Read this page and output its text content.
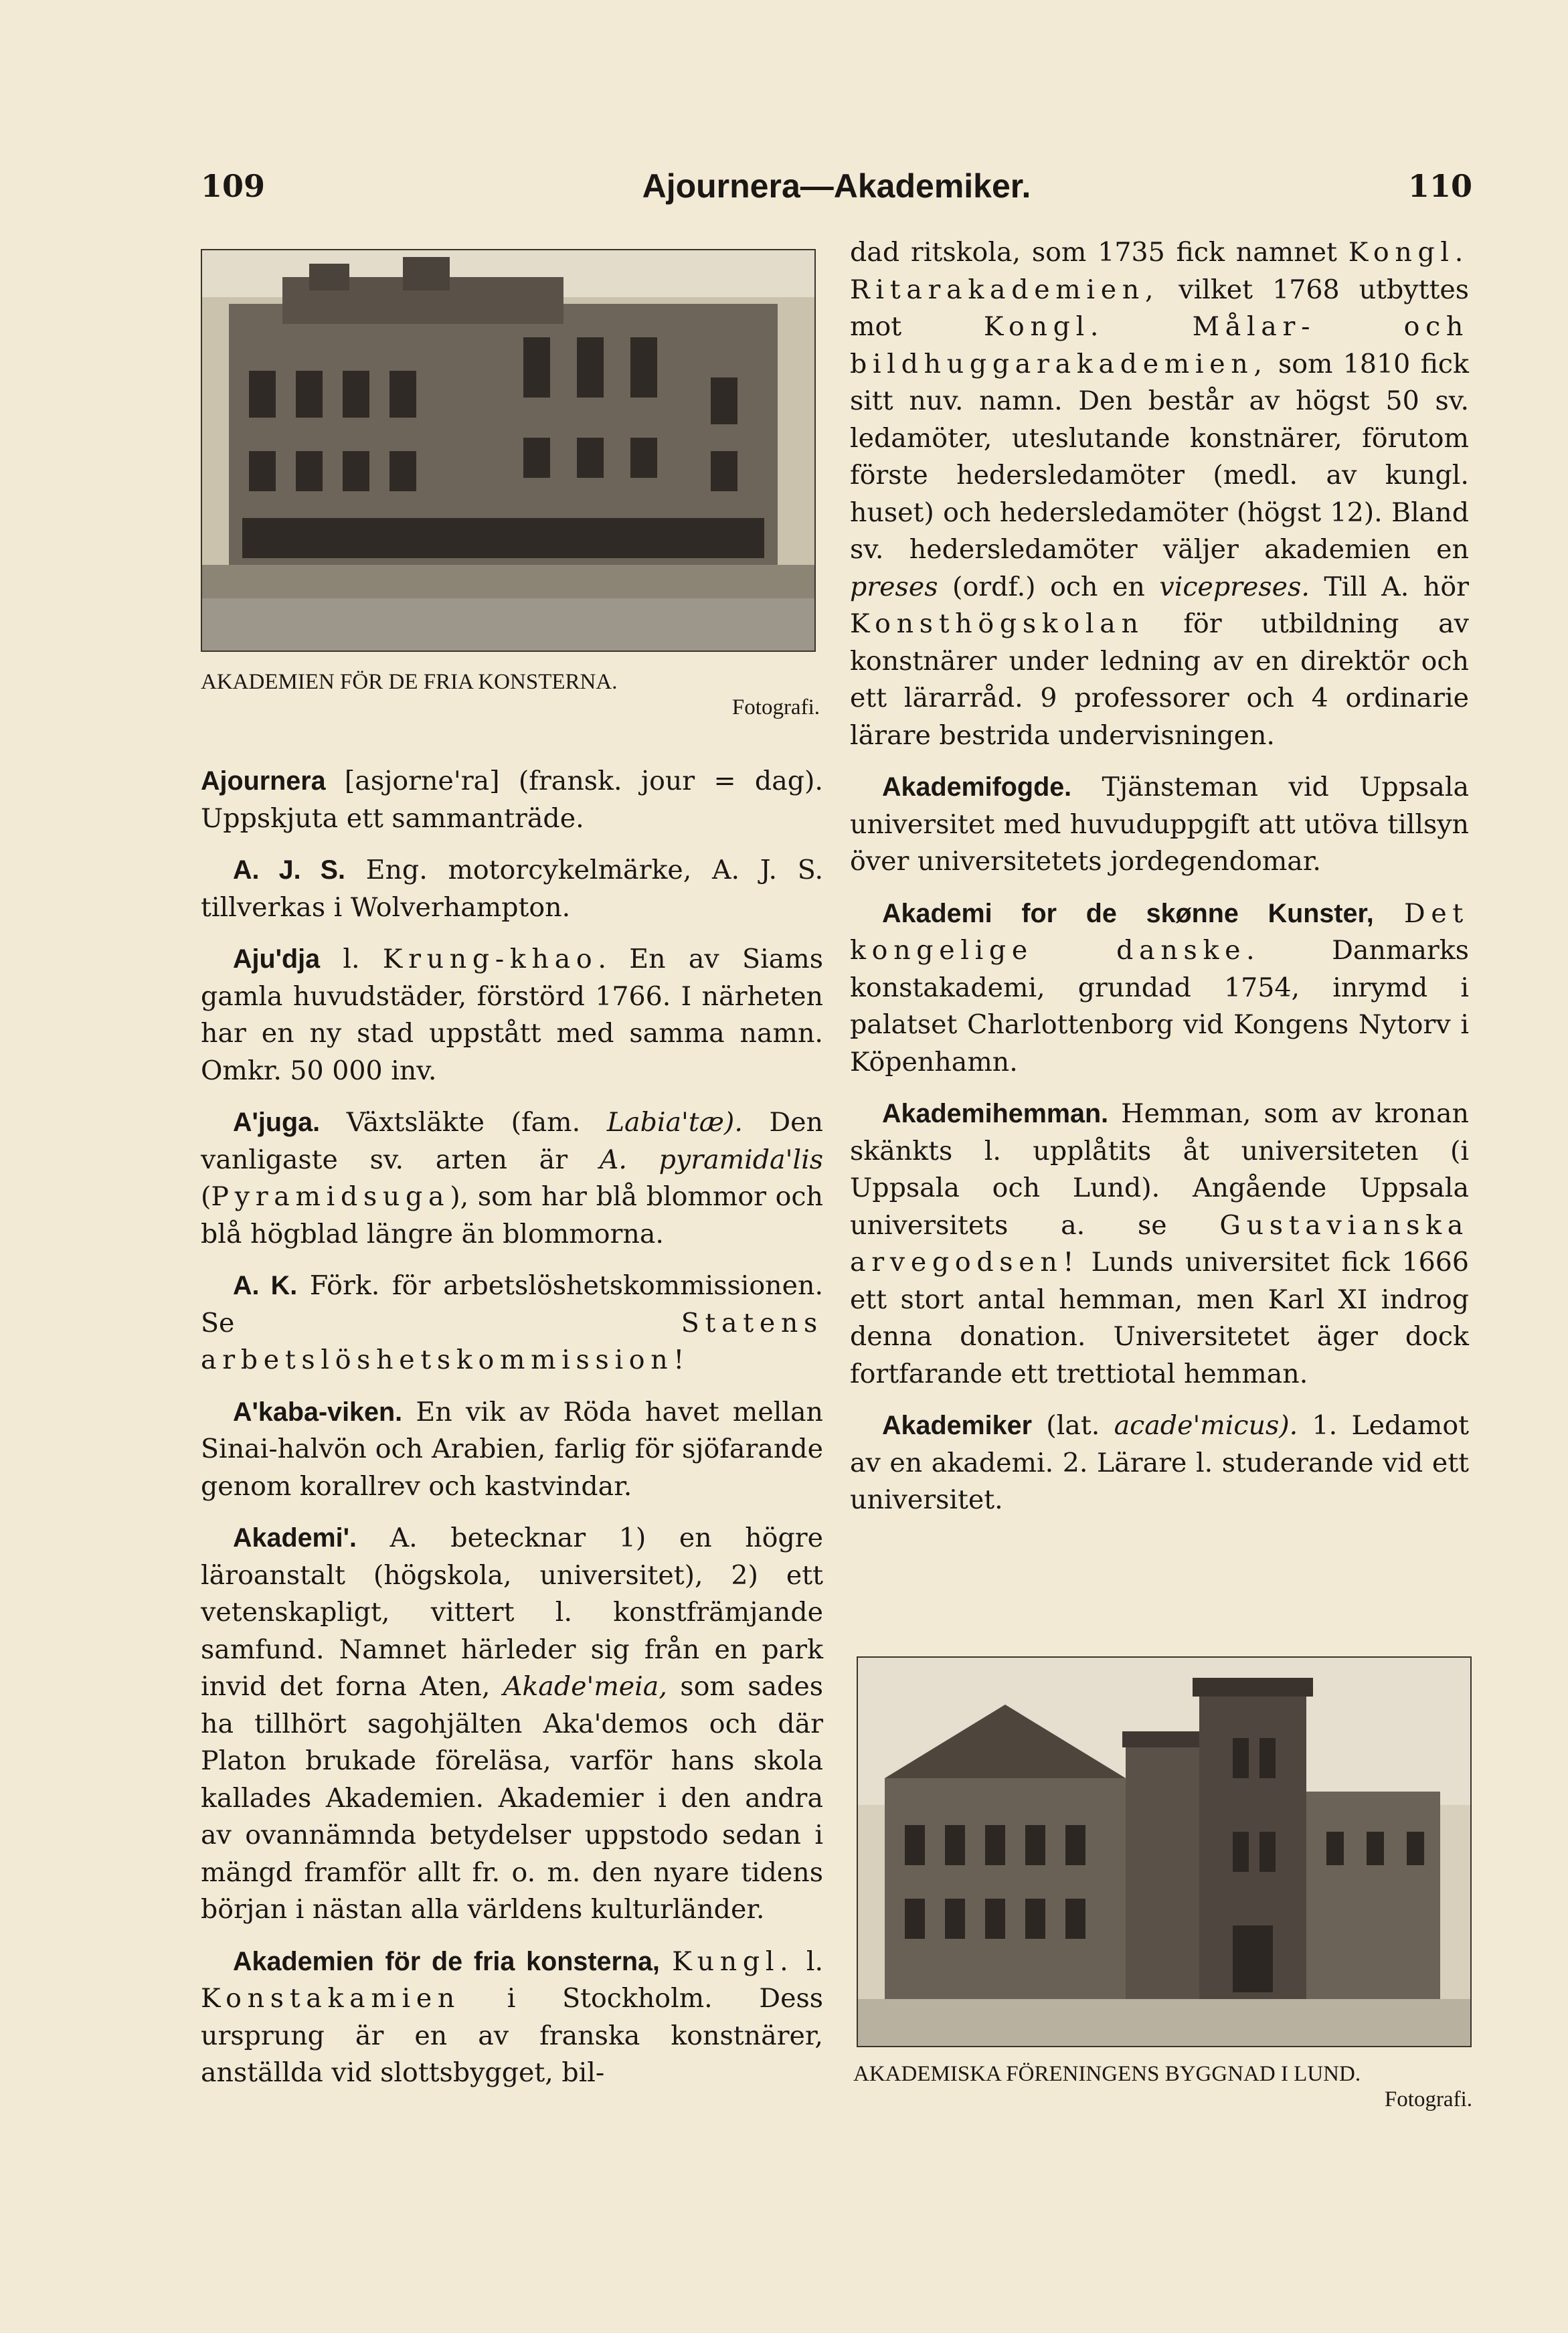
109	Ajournera—Akademiker.	110
AKADEMIEN FÖR DE FRIA KONSTERNA.
Fotografi.

Ajournera [asjorne'ra] (fransk. jour = dag). Uppskjuta ett sammanträde.

A. J. S. Eng. motorcykelmärke, A. J. S. tillverkas i Wolverhampton.

Aju'dja l. Krung-khao. En av Siams gamla huvudstäder, förstörd 1766. I närheten har en ny stad uppstått med samma namn. Omkr. 50 000 inv.

A'juga. Växtsläkte (fam. Labia'tæ). Den vanligaste sv. arten är A. pyramida'lis (Pyramidsuga), som har blå blommor och blå högblad längre än blommorna.

A. K. Förk. för arbetslöshetskommissionen. Se Statens arbetslöshetskommission!

A'kaba-viken. En vik av Röda havet mellan Sinai-halvön och Arabien, farlig för sjöfarande genom korallrev och kastvindar.

Akademi'. A. betecknar 1) en högre läroanstalt (högskola, universitet), 2) ett vetenskapligt, vittert l. konstfrämjande samfund. Namnet härleder sig från en park invid det forna Aten, Akade'meia, som sades ha tillhört sagohjälten Aka'demos och där Platon brukade föreläsa, varför hans skola kallades Akademien. Akademier i den andra av ovannämnda betydelser uppstodo sedan i mängd framför allt fr. o. m. den nyare tidens början i nästan alla världens kulturländer.

Akademien för de fria konsterna, Kungl. l. Konstakamien i Stockholm. Dess ursprung är en av franska konstnärer, anställda vid slottsbygget, bil-

dad ritskola, som 1735 fick namnet Kongl. Ritarakademien, vilket 1768 utbyttes mot Kongl. Målar- och bildhuggarakademien, som 1810 fick sitt nuv. namn. Den består av högst 50 sv. ledamöter, uteslutande konstnärer, förutom förste hedersledamöter (medl. av kungl. huset) och hedersledamöter (högst 12). Bland sv. hedersledamöter väljer akademien en preses (ordf.) och en vicepreses. Till A. hör Konsthögskolan för utbildning av konstnärer under ledning av en direktör och ett lärarråd. 9 professorer och 4 ordinarie lärare bestrida undervisningen.

Akademifogde. Tjänsteman vid Uppsala universitet med huvuduppgift att utöva tillsyn över universitetets jordegendomar.

Akademi for de skønne Kunster, Det kongelige danske. Danmarks konstakademi, grundad 1754, inrymd i palatset Charlottenborg vid Kongens Nytorv i Köpenhamn.

Akademihemman. Hemman, som av kronan skänkts l. upplåtits åt universiteten (i Uppsala och Lund). Angående Uppsala universitets a. se Gustavianska arvegodsen! Lunds universitet fick 1666 ett stort antal hemman, men Karl XI indrog denna donation. Universitetet äger dock fortfarande ett trettiotal hemman.

Akademiker (lat. acade'micus). 1. Ledamot av en akademi. 2. Lärare l. studerande vid ett universitet.

AKADEMISKA FÖRENINGENS BYGGNAD I LUND.
Fotografi.
